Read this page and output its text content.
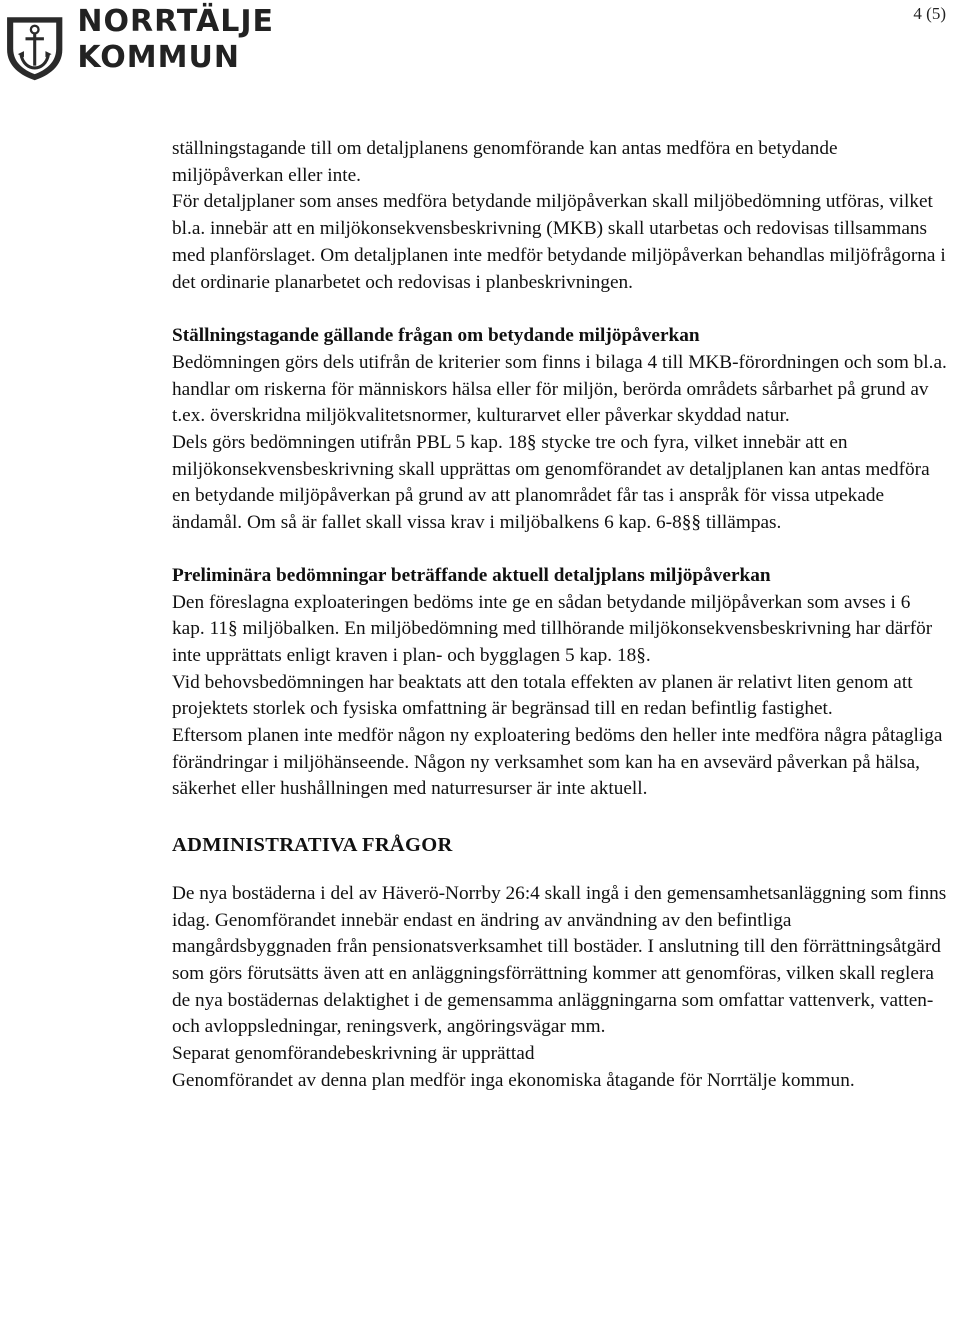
NORRTÄLJE
KOMMUN
4 (5)

ställningstagande till om detaljplanens genomförande kan antas medföra en betydande miljöpåverkan eller inte.

För detaljplaner som anses medföra betydande miljöpåverkan skall miljöbedömning utföras, vilket bl.a. innebär att en miljökonsekvensbeskrivning (MKB) skall utarbetas och redovisas tillsammans med planförslaget. Om detaljplanen inte medför betydande miljöpåverkan behandlas miljöfrågorna i det ordinarie planarbetet och redovisas i planbeskrivningen.

Ställningstagande gällande frågan om betydande miljöpåverkan

Bedömningen görs dels utifrån de kriterier som finns i bilaga 4 till MKB-förordningen och som bl.a. handlar om riskerna för människors hälsa eller för miljön, berörda områdets sårbarhet på grund av t.ex. överskridna miljökvalitetsnormer, kulturarvet eller påverkar skyddad natur.

Dels görs bedömningen utifrån PBL 5 kap. 18§ stycke tre och fyra, vilket innebär att en miljökonsekvensbeskrivning skall upprättas om genomförandet av detaljplanen kan antas medföra en betydande miljöpåverkan på grund av att planområdet får tas i anspråk för vissa utpekade ändamål. Om så är fallet skall vissa krav i miljöbalkens 6 kap. 6-8§§ tillämpas.

Preliminära bedömningar beträffande aktuell detaljplans miljöpåverkan

Den föreslagna exploateringen bedöms inte ge en sådan betydande miljöpåverkan som avses i 6 kap. 11§ miljöbalken. En miljöbedömning med tillhörande miljökonsekvensbeskrivning har därför inte upprättats enligt kraven i plan- och bygglagen 5 kap. 18§.

Vid behovsbedömningen har beaktats att den totala effekten av planen är relativt liten genom att projektets storlek och fysiska omfattning är begränsad till en redan befintlig fastighet.

Eftersom planen inte medför någon ny exploatering bedöms den heller inte medföra några påtagliga förändringar i miljöhänseende. Någon ny verksamhet som kan ha en avsevärd påverkan på hälsa, säkerhet eller hushållningen med naturresurser är inte aktuell.

ADMINISTRATIVA FRÅGOR

De nya bostäderna i del av Häverö-Norrby 26:4 skall ingå i den gemensamhetsanläggning som finns idag. Genomförandet innebär endast en ändring av användning av den befintliga mangårdsbyggnaden från pensionatsverksamhet till bostäder. I anslutning till den förrättningsåtgärd som görs förutsätts även att en anläggningsförrättning kommer att genomföras, vilken skall reglera de nya bostädernas delaktighet i de gemensamma anläggningarna som omfattar vattenverk, vatten- och avloppsledningar, reningsverk, angöringsvägar mm.

Separat genomförandebeskrivning är upprättad

Genomförandet av denna plan medför inga ekonomiska åtagande för Norrtälje kommun.
